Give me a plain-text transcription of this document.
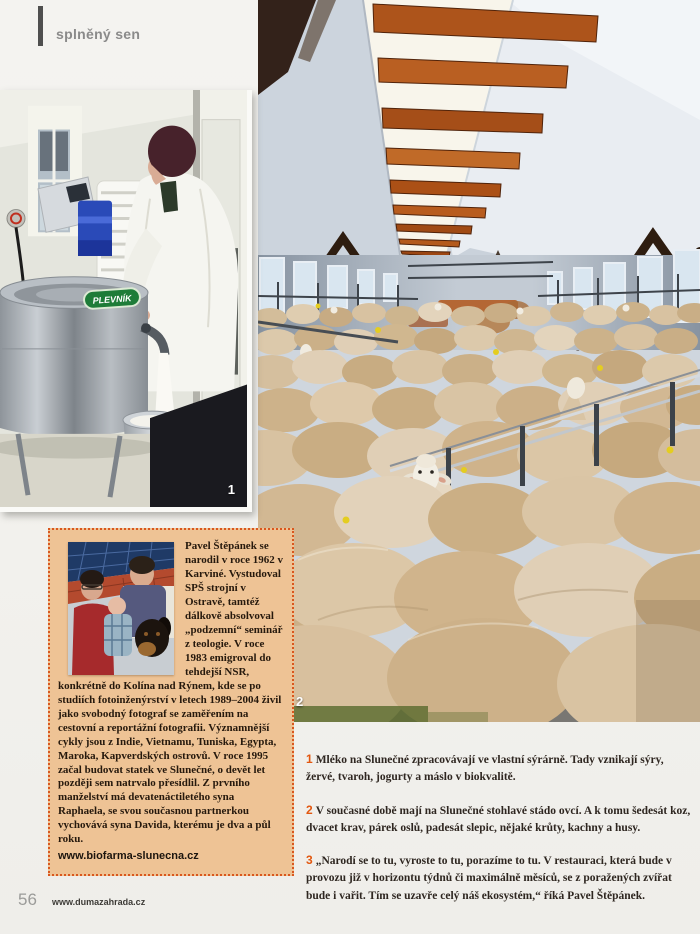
splněný sen
PLEVNÍK
1
2

Pavel Štěpánek se narodil v roce 1962 v Karviné. Vystudoval SPŠ strojní v Ostravě, tamtéž dálkově absolvoval „podzemní“ seminář z teologie. V roce 1983 emigroval do tehdejší NSR, konkrétně do Kolína nad Rýnem, kde se po studiích fotoinženýrství v letech 1989–2004 živil jako svobodný fotograf se zaměřením na cestovní a reportážní fotografii. Významnější cykly jsou z Indie, Vietnamu, Tuniska, Egypta, Maroka, Kapverdských ostrovů. V roce 1995 začal budovat statek ve Slunečné, o devět let později sem natrvalo přesídlil. Z prvního manželství má devatenáctiletého syna Raphaela, se svou současnou partnerkou vychovává syna Davida, kterému je dva a půl roku.

www.biofarma-slunecna.cz

1 Mléko na Slunečné zpracovávají ve vlastní sýrárně. Tady vznikají sýry, žervé, tvaroh, jogurty a máslo v biokvalitě.

2 V současné době mají na Slunečné stohlavé stádo ovcí. A k tomu šedesát koz, dvacet krav, párek oslů, padesát slepic, nějaké krůty, kachny a husy.

3 „Narodí se to tu, vyroste to tu, porazíme to tu. V restauraci, která bude v provozu již v horizontu týdnů či maximálně měsíců, se z poražených zvířat bude i vařit. Tím se uzavře celý náš ekosystém,“ říká Pavel Štěpánek.

56 www.dumazahrada.cz
